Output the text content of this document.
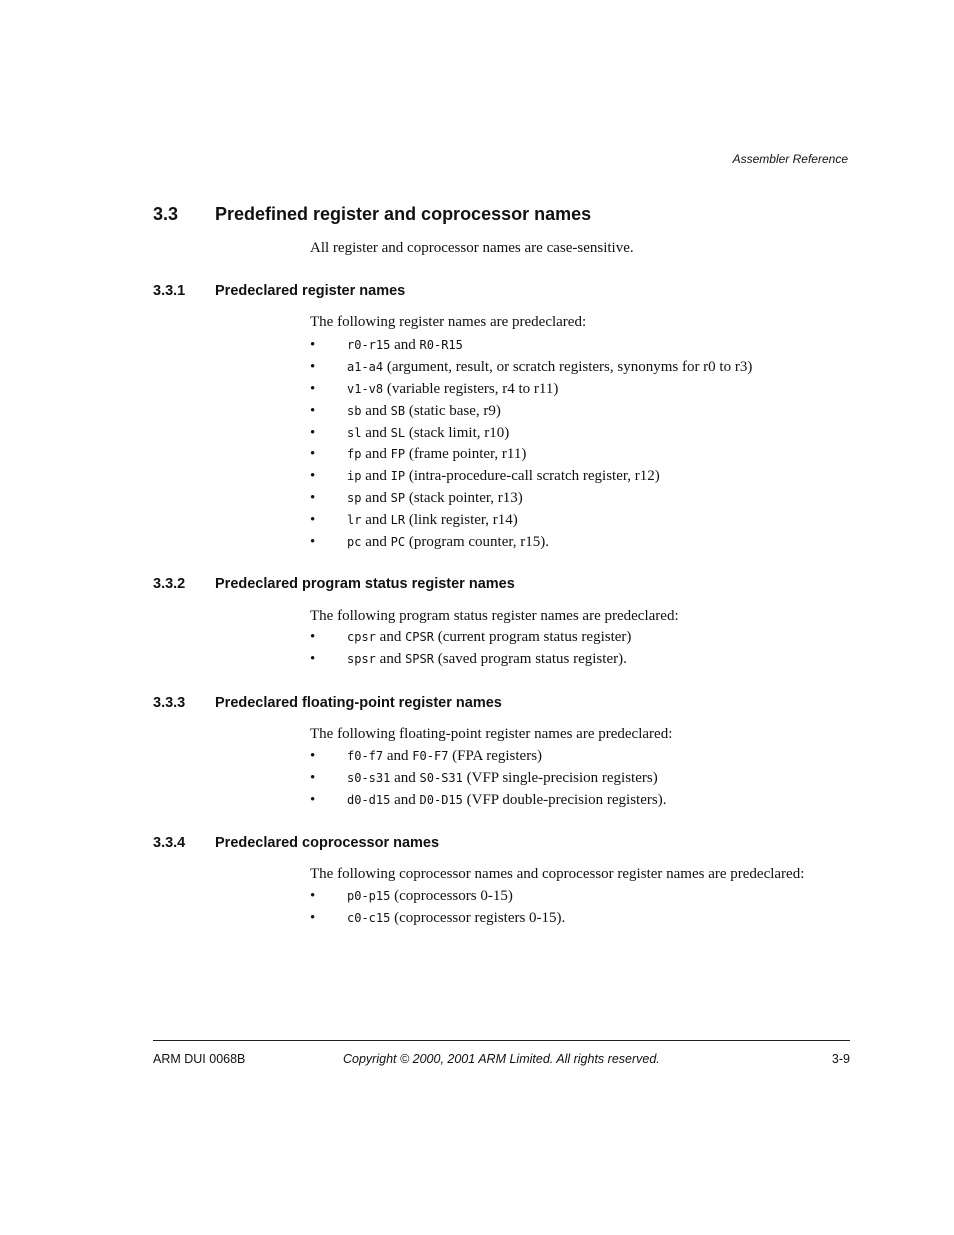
Assembler Reference
3.3 Predefined register and coprocessor names

All register and coprocessor names are case-sensitive.

3.3.1 Predeclared register names

The following register names are predeclared:

•	r0-r15 and R0-R15
•	a1-a4 (argument, result, or scratch registers, synonyms for r0 to r3)
•	v1-v8 (variable registers, r4 to r11)
•	sb and SB (static base, r9)
•	sl and SL (stack limit, r10)
•	fp and FP (frame pointer, r11)
•	ip and IP (intra-procedure-call scratch register, r12)
•	sp and SP (stack pointer, r13)
•	lr and LR (link register, r14)
•	pc and PC (program counter, r15).
3.3.2 Predeclared program status register names

The following program status register names are predeclared:

•	cpsr and CPSR (current program status register)
•	spsr and SPSR (saved program status register).
3.3.3 Predeclared floating-point register names

The following floating-point register names are predeclared:

•	f0-f7 and F0-F7 (FPA registers)
•	s0-s31 and S0-S31 (VFP single-precision registers)
•	d0-d15 and D0-D15 (VFP double-precision registers).
3.3.4 Predeclared coprocessor names

The following coprocessor names and coprocessor register names are predeclared:

•	p0-p15 (coprocessors 0-15)
•	c0-c15 (coprocessor registers 0-15).
ARM DUI 0068B	Copyright © 2000, 2001 ARM Limited. All rights reserved.	3-9
